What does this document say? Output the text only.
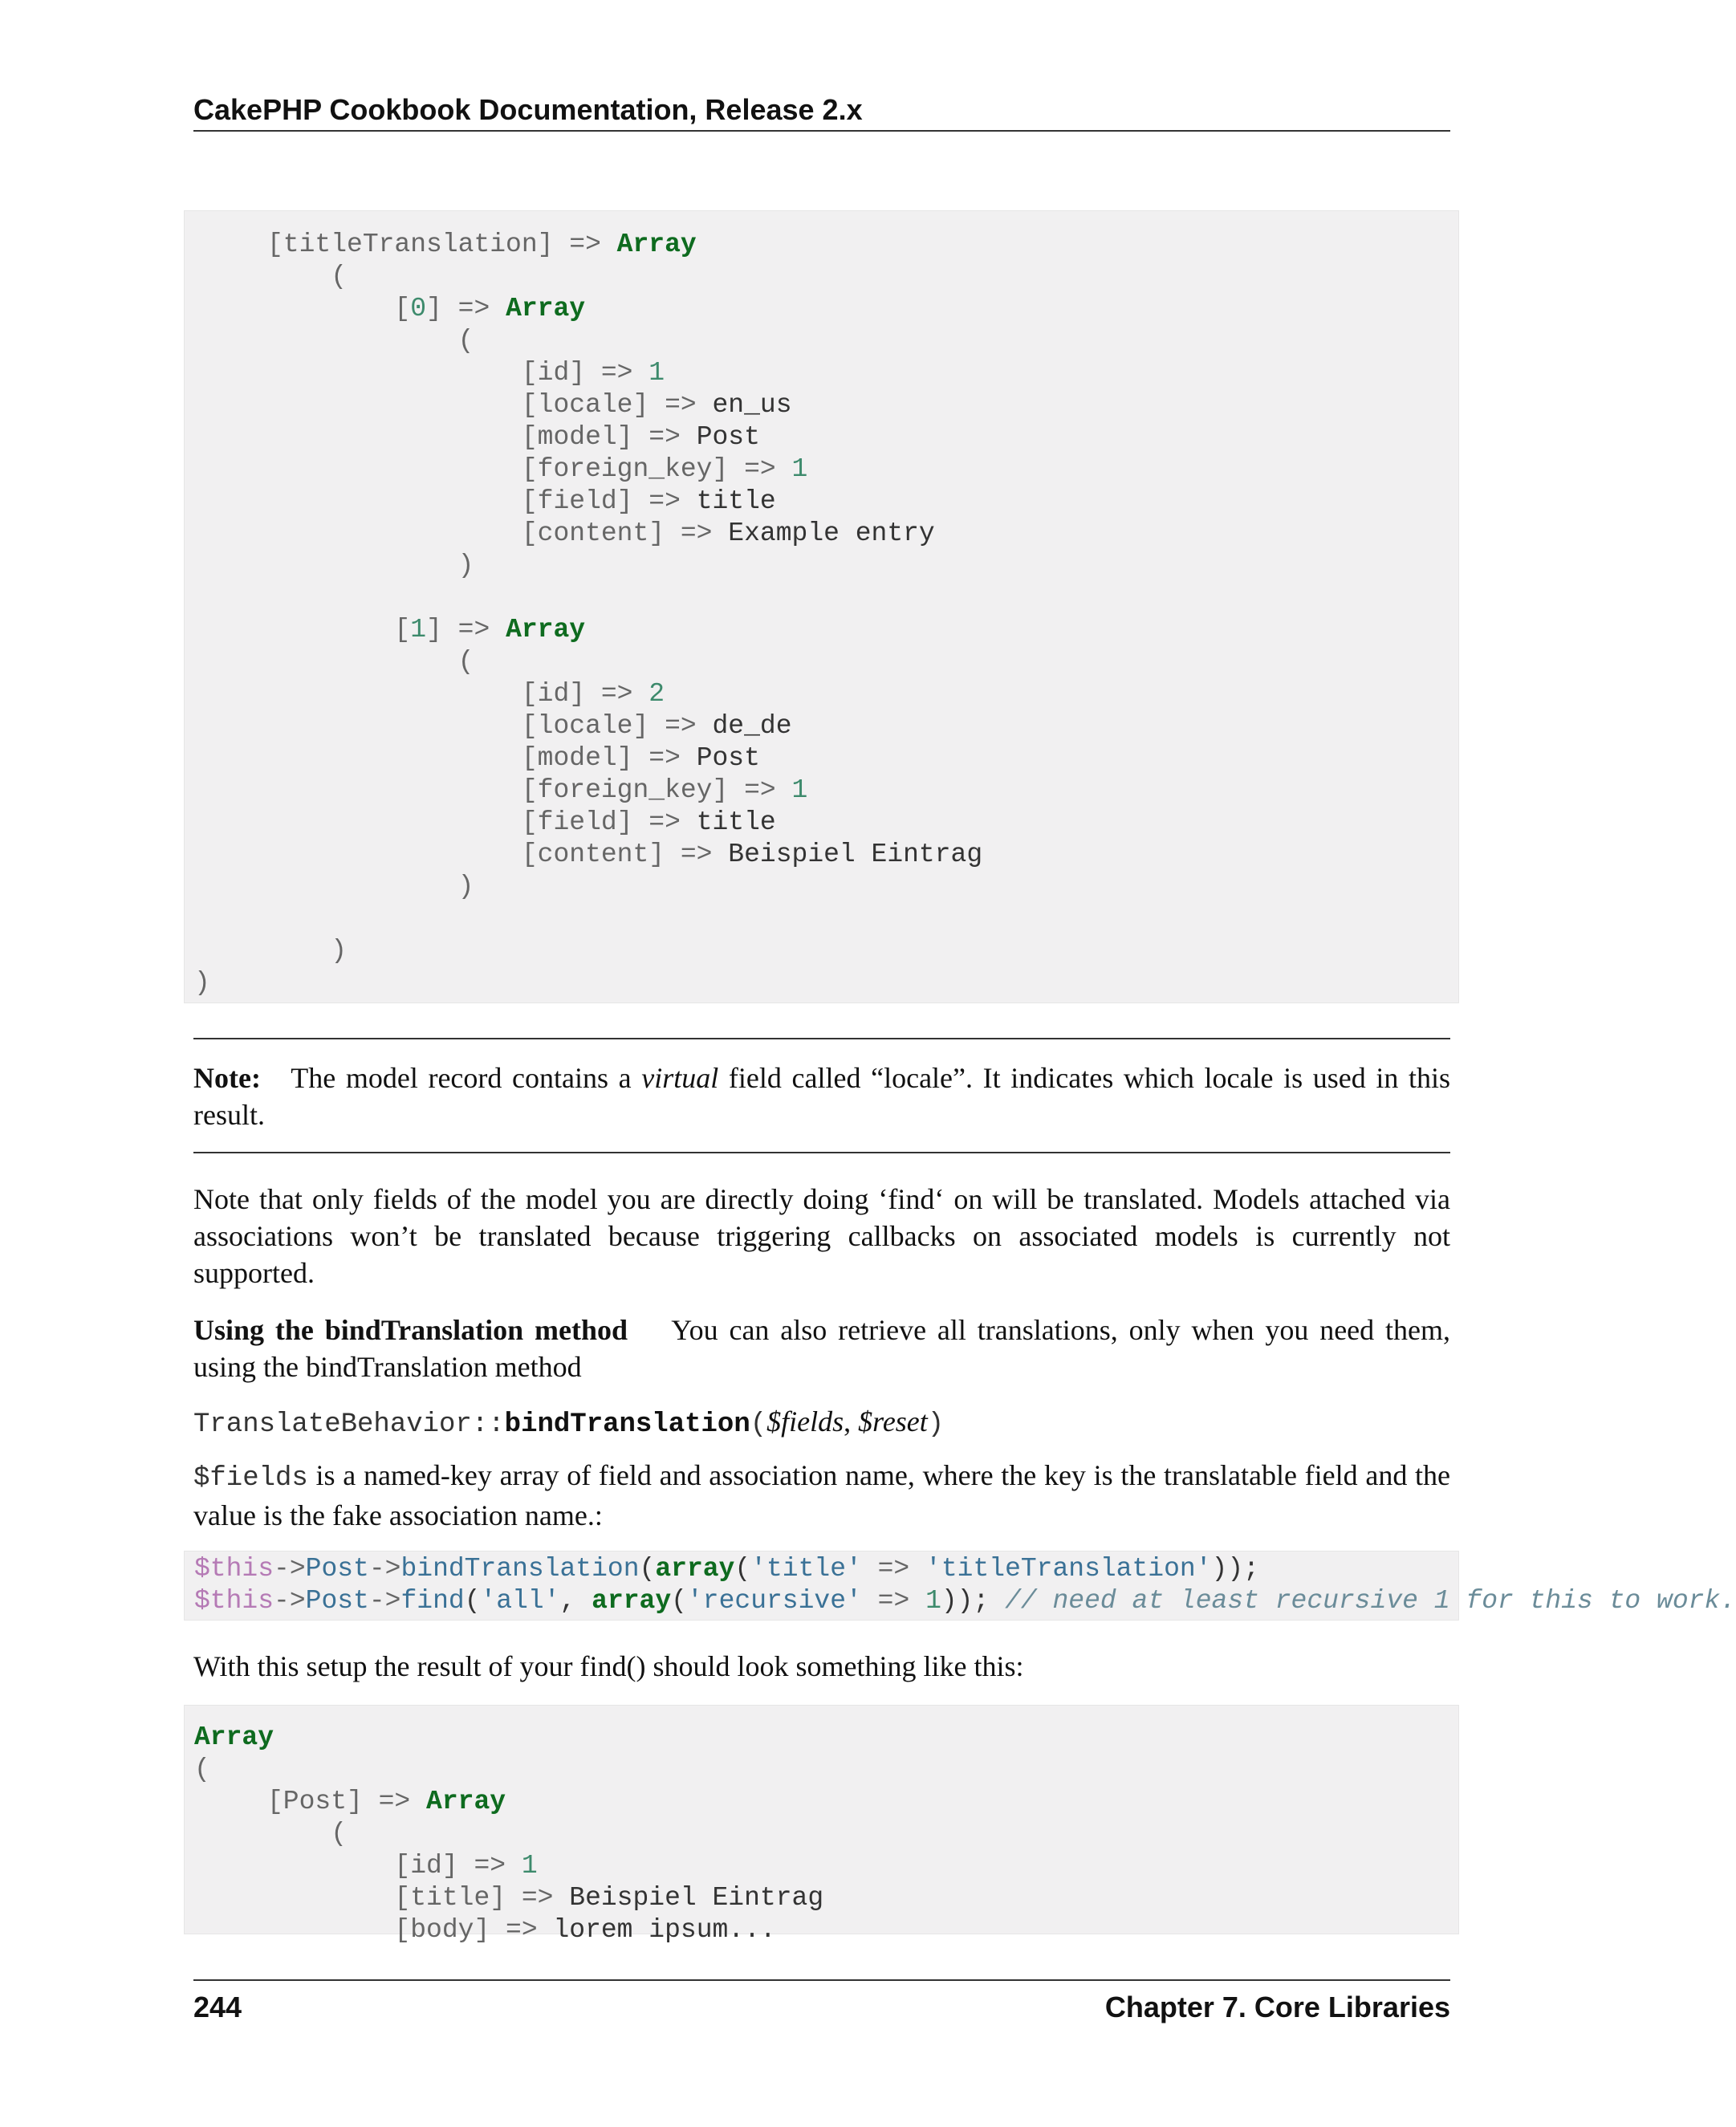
CakePHP Cookbook Documentation, Release 2.x
[titleTranslation] => Array
(
[0] => Array
(
[id] => 1
[locale] => en_us
[model] => Post
[foreign_key] => 1
[field] => title
[content] => Example entry
)
[1] => Array
(
[id] => 2
[locale] => de_de
[model] => Post
[foreign_key] => 1
[field] => title
[content] => Beispiel Eintrag
)
)
)
Note: The model record contains a virtual field called “locale”. It indicates which locale is used in this result.
Note that only fields of the model you are directly doing ‘find‘ on will be translated. Models attached via associations won’t be translated because triggering callbacks on associated models is currently not supported.
Using the bindTranslation method You can also retrieve all translations, only when you need them, using the bindTranslation method
TranslateBehavior::bindTranslation($fields, $reset)
$fields is a named-key array of field and association name, where the key is the translatable field and the value is the fake association name.:
$this->Post->bindTranslation(array('title' => 'titleTranslation'));
$this->Post->find('all', array('recursive' => 1)); // need at least recursive 1 for this to work.
With this setup the result of your find() should look something like this:
Array
(
[Post] => Array
(
[id] => 1
[title] => Beispiel Eintrag
[body] => lorem ipsum...
244	Chapter 7. Core Libraries
